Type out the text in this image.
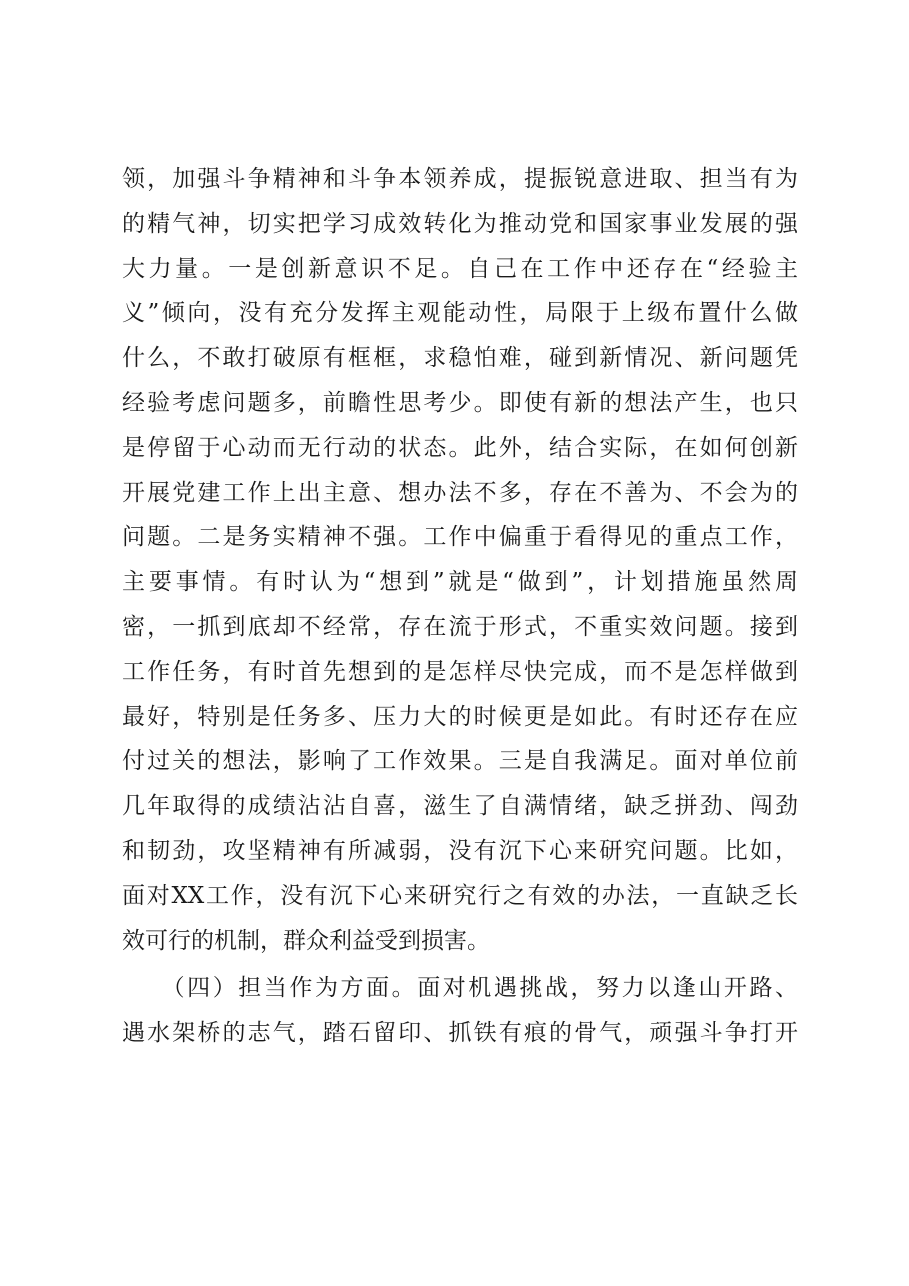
领，加强斗争精神和斗争本领养成，提振锐意进取、担当有为
的精气神，切实把学习成效转化为推动党和国家事业发展的强
大力量。一是创新意识不足。自己在工作中还存在“经验主
义”倾向，没有充分发挥主观能动性，局限于上级布置什么做
什么，不敢打破原有框框，求稳怕难，碰到新情况、新问题凭
经验考虑问题多，前瞻性思考少。即使有新的想法产生，也只
是停留于心动而无行动的状态。此外，结合实际，在如何创新
开展党建工作上出主意、想办法不多，存在不善为、不会为的
问题。二是务实精神不强。工作中偏重于看得见的重点工作，
主要事情。有时认为“想到”就是“做到”，计划措施虽然周
密，一抓到底却不经常，存在流于形式，不重实效问题。接到
工作任务，有时首先想到的是怎样尽快完成，而不是怎样做到
最好，特别是任务多、压力大的时候更是如此。有时还存在应
付过关的想法，影响了工作效果。三是自我满足。面对单位前
几年取得的成绩沾沾自喜，滋生了自满情绪，缺乏拼劲、闯劲
和韧劲，攻坚精神有所减弱，没有沉下心来研究问题。比如，
面对XX工作，没有沉下心来研究行之有效的办法，一直缺乏长
效可行的机制，群众利益受到损害。
　　（四）担当作为方面。面对机遇挑战，努力以逢山开路、
遇水架桥的志气，踏石留印、抓铁有痕的骨气，顽强斗争打开
